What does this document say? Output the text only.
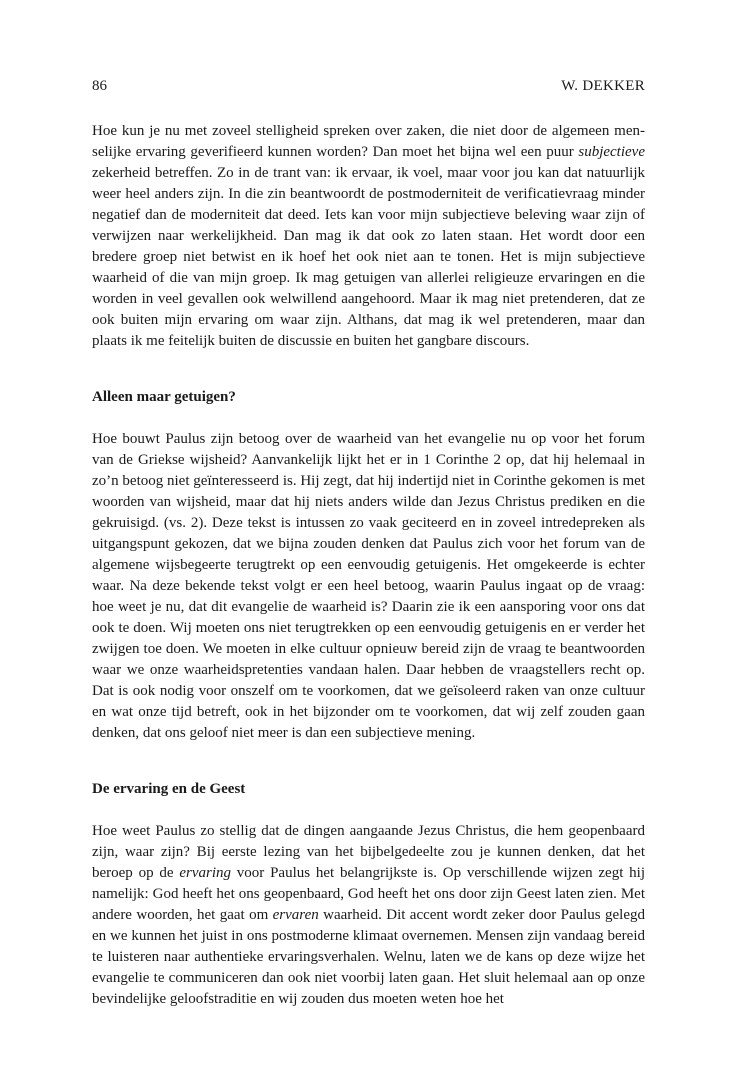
86	W. DEKKER

Hoe kun je nu met zoveel stelligheid spreken over zaken, die niet door de algemeen menselijke ervaring geverifieerd kunnen worden? Dan moet het bijna wel een puur subjectieve zekerheid betreffen. Zo in de trant van: ik ervaar, ik voel, maar voor jou kan dat natuurlijk weer heel anders zijn. In die zin beantwoordt de postmoderniteit de verificatievraag minder negatief dan de moderniteit dat deed. Iets kan voor mijn subjectieve beleving waar zijn of verwijzen naar werkelijkheid. Dan mag ik dat ook zo laten staan. Het wordt door een bredere groep niet betwist en ik hoef het ook niet aan te tonen. Het is mijn subjectieve waarheid of die van mijn groep. Ik mag getuigen van allerlei religieuze ervaringen en die worden in veel gevallen ook welwillend aangehoord. Maar ik mag niet pretenderen, dat ze ook buiten mijn ervaring om waar zijn. Althans, dat mag ik wel pretenderen, maar dan plaats ik me feitelijk buiten de discussie en buiten het gangbare discours.

Alleen maar getuigen?

Hoe bouwt Paulus zijn betoog over de waarheid van het evangelie nu op voor het forum van de Griekse wijsheid? Aanvankelijk lijkt het er in 1 Corinthe 2 op, dat hij helemaal in zo’n betoog niet geïnteresseerd is. Hij zegt, dat hij indertijd niet in Corinthe gekomen is met woorden van wijsheid, maar dat hij niets anders wilde dan Jezus Christus prediken en die gekruisigd. (vs. 2). Deze tekst is intussen zo vaak geciteerd en in zoveel intredepreken als uitgangspunt gekozen, dat we bijna zouden denken dat Paulus zich voor het forum van de algemene wijsbegeerte terugtrekt op een eenvoudig getuigenis. Het omgekeerde is echter waar. Na deze bekende tekst volgt er een heel betoog, waarin Paulus ingaat op de vraag: hoe weet je nu, dat dit evangelie de waarheid is? Daarin zie ik een aansporing voor ons dat ook te doen. Wij moeten ons niet terugtrekken op een eenvoudig getuigenis en er verder het zwijgen toe doen. We moeten in elke cultuur opnieuw bereid zijn de vraag te beantwoorden waar we onze waarheidspretenties vandaan halen. Daar hebben de vraagstellers recht op. Dat is ook nodig voor onszelf om te voorkomen, dat we geïsoleerd raken van onze cultuur en wat onze tijd betreft, ook in het bijzonder om te voorkomen, dat wij zelf zouden gaan denken, dat ons geloof niet meer is dan een subjectieve mening.

De ervaring en de Geest

Hoe weet Paulus zo stellig dat de dingen aangaande Jezus Christus, die hem geopenbaard zijn, waar zijn? Bij eerste lezing van het bijbelgedeelte zou je kunnen denken, dat het beroep op de ervaring voor Paulus het belangrijkste is. Op verschillende wijzen zegt hij namelijk: God heeft het ons geopenbaard, God heeft het ons door zijn Geest laten zien. Met andere woorden, het gaat om ervaren waarheid. Dit accent wordt zeker door Paulus gelegd en we kunnen het juist in ons postmoderne klimaat overnemen. Mensen zijn vandaag bereid te luisteren naar authentieke ervaringsverhalen. Welnu, laten we de kans op deze wijze het evangelie te communiceren dan ook niet voorbij laten gaan. Het sluit helemaal aan op onze bevindelijke geloofstraditie en wij zouden dus moeten weten hoe het
